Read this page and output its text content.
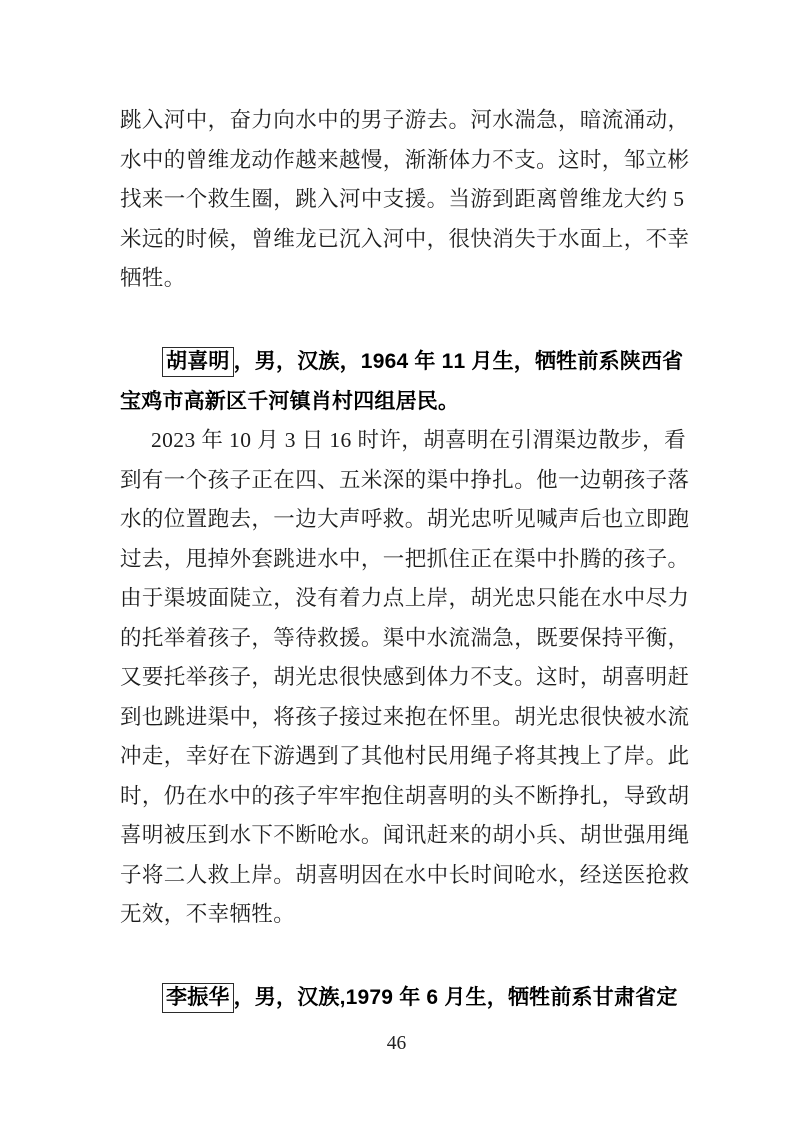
跳入河中，奋力向水中的男子游去。河水湍急，暗流涌动，
水中的曾维龙动作越来越慢，渐渐体力不支。这时，邹立彬
找来一个救生圈，跳入河中支援。当游到距离曾维龙大约 5
米远的时候，曾维龙已沉入河中，很快消失于水面上，不幸
牺牲。
胡喜明 ，男，汉族，1964 年 11 月生，牺牲前系陕西省
宝鸡市高新区千河镇肖村四组居民。
2023 年 10 月 3 日 16 时许，胡喜明在引渭渠边散步，看
到有一个孩子正在四、五米深的渠中挣扎。他一边朝孩子落
水的位置跑去，一边大声呼救。胡光忠听见喊声后也立即跑
过去，甩掉外套跳进水中，一把抓住正在渠中扑腾的孩子。
由于渠坡面陡立，没有着力点上岸，胡光忠只能在水中尽力
的托举着孩子，等待救援。渠中水流湍急，既要保持平衡，
又要托举孩子，胡光忠很快感到体力不支。这时，胡喜明赶
到也跳进渠中，将孩子接过来抱在怀里。胡光忠很快被水流
冲走，幸好在下游遇到了其他村民用绳子将其拽上了岸。此
时，仍在水中的孩子牢牢抱住胡喜明的头不断挣扎，导致胡
喜明被压到水下不断呛水。闻讯赶来的胡小兵、胡世强用绳
子将二人救上岸。胡喜明因在水中长时间呛水，经送医抢救
无效，不幸牺牲。
李振华 ，男，汉族,1979 年 6 月生，牺牲前系甘肃省定
46
